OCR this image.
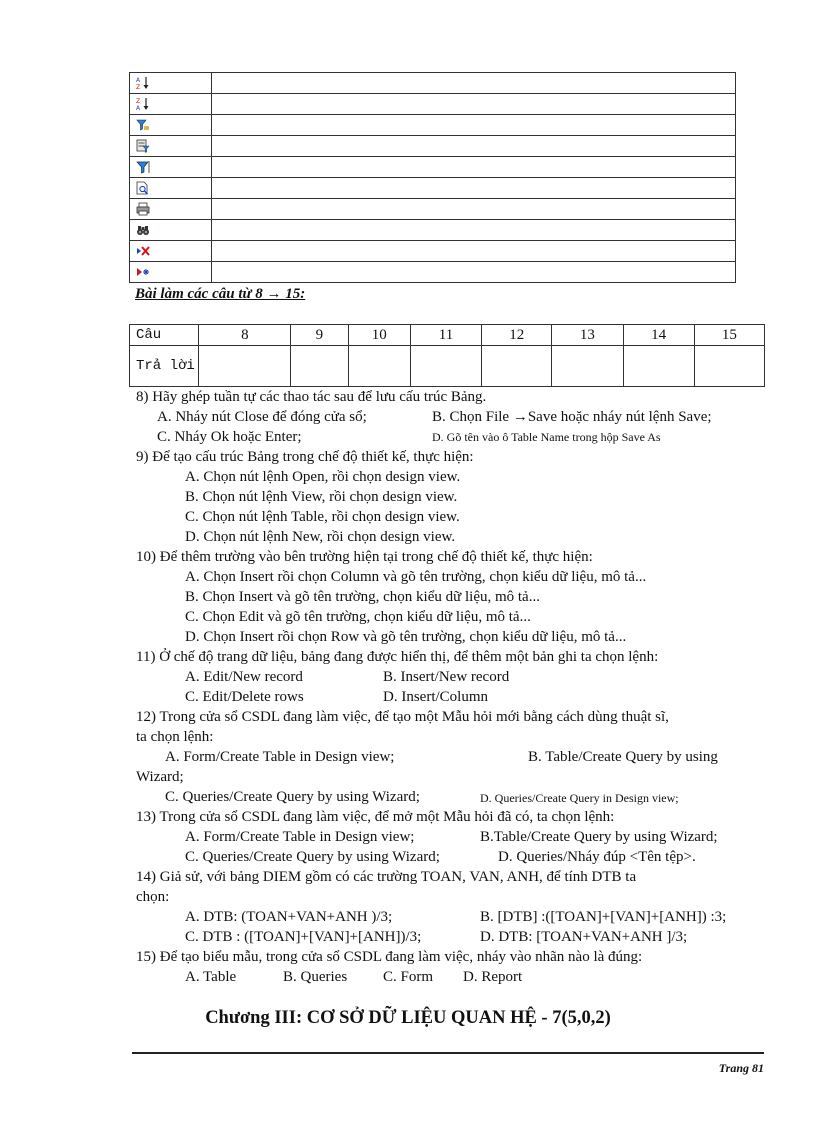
A
Z	

Z
A	

Bài làm các câu từ 8 → 15:
Câu	8	9	10	11	12	13	14	15
Trả lời								
8) Hãy ghép tuần tự các thao tác sau để lưu cấu trúc Bảng.
A. Nháy nút Close để đóng cửa sổ;	B. Chọn File →Save hoặc nháy nút lệnh Save;
C. Nháy Ok hoặc Enter;	D. Gõ tên vào ô Table Name trong hộp Save As
9) Để tạo cấu trúc Bảng trong chế độ thiết kế, thực hiện:
A. Chọn nút lệnh Open, rồi chọn design view.
B. Chọn nút lệnh View, rồi chọn design view.
C. Chọn nút lệnh Table, rồi chọn design view.
D. Chọn nút lệnh New, rồi chọn design view.
10) Để thêm trường vào bên trường hiện tại trong chế độ thiết kế, thực hiện:
A. Chọn Insert rồi chọn Column và gõ tên trường, chọn kiểu dữ liệu, mô tả...
B. Chọn Insert và gõ tên trường, chọn kiểu dữ liệu, mô tả...
C. Chọn Edit và gõ tên trường, chọn kiểu dữ liệu, mô tả...
D. Chọn Insert rồi chọn Row và gõ tên trường, chọn kiểu dữ liệu, mô tả...
11) Ở chế độ trang dữ liệu, bảng đang được hiển thị, để thêm một bản ghi ta chọn lệnh:
A. Edit/New record	B. Insert/New record
C. Edit/Delete rows	D. Insert/Column
12) Trong cửa sổ CSDL đang làm việc, để tạo một Mẫu hỏi mới bằng cách dùng thuật sĩ,
ta chọn lệnh:
A. Form/Create Table in Design view;	B. Table/Create Query by using
Wizard;
C. Queries/Create Query by using Wizard;	D. Queries/Create Query in Design view;
13) Trong cửa sổ CSDL đang làm việc, để mở một Mẫu hỏi đã có, ta chọn lệnh:
A. Form/Create Table in Design view;	B.Table/Create Query by using Wizard;
C. Queries/Create Query by using Wizard;	D. Queries/Nháy đúp <Tên tệp>.
14) Giả sử, với bảng DIEM gồm có các trường TOAN, VAN, ANH, để tính DTB ta
chọn:
A. DTB: (TOAN+VAN+ANH )/3;	B. [DTB] :([TOAN]+[VAN]+[ANH]) :3;
C. DTB : ([TOAN]+[VAN]+[ANH])/3;	D. DTB: [TOAN+VAN+ANH ]/3;
15) Để tạo biểu mẫu, trong cửa sổ CSDL đang làm việc, nháy vào nhãn nào là đúng:
A. Table	B. Queries C. Form D. Report
Chương III: CƠ SỞ DỮ LIỆU QUAN HỆ - 7(5,0,2)
Trang 81
